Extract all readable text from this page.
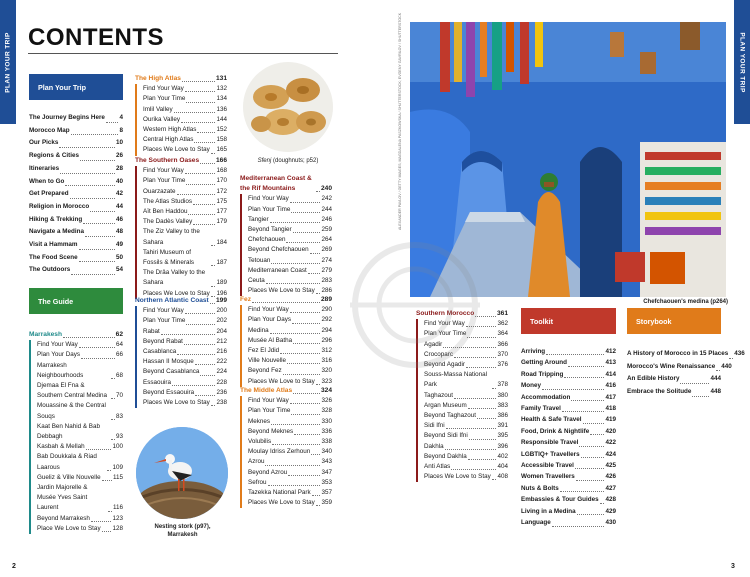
PLAN YOUR TRIP	PLAN YOUR TRIP
CONTENTS
Plan Your Trip
The Journey Begins Here 4
Morocco Map	8
Our Picks	10
Regions & Cities	26
Itineraries	28
When to Go	40
Get Prepared	42
Religion in Morocco	44
Hiking & Trekking	46
Navigate a Medina	48
Visit a Hammam	49
The Food Scene	50
The Outdoors	54
The Guide
Marrakesh	62
Find Your Way	64
Plan Your Days	66
Marrakesh Neighbourhoods	68
Djemaa El Fna & Southern Central Medina	70
Mouassine & the Central Souqs	83
Kaat Ben Nahid & Bab Debbagh	93
Kasbah & Mellah	100
Bab Doukkala & Riad Laarous	109
Gueliz & Ville Nouvelle 115
Jardin Majorelle & Musée Yves Saint Laurent	116
Beyond Marrakesh	123
Place We Love to Stay 128
The High Atlas	131
Find Your Way	132
Plan Your Time	134
Imlil Valley	136
Ourika Valley	144
Western High Atlas	152
Central High Atlas	158
Places We Love to Stay 165
The Southern Oases	166
Find Your Way	168
Plan Your Time	170
Ouarzazate	172
The Atlas Studios	175
Aït Ben Haddou	177
The Dadès Valley	179
The Ziz Valley to the Sahara	184
Tahiri Museum of Fossils & Minerals	187
The Drâa Valley to the Sahara	189
Places We Love to Stay 196
Northern Atlantic Coast 199
Find Your Way	200
Plan Your Time	202
Rabat	204
Beyond Rabat	212
Casablanca	216
Hassan II Mosque	222
Beyond Casablanca	224
Essaouira	228
Beyond Essaouira	236
Places We Love to Stay 238
Mediterranean Coast & the Rif Mountains	240
Find Your Way	242
Plan Your Time	244
Tangier	246
Beyond Tangier	259
Chefchaouen	264
Beyond Chefchaouen 269
Tetouan	274
Mediterranean Coast 279
Ceuta	283
Places We Love to Stay 286
Fez	289
Find Your Way	290
Plan Your Days	292
Medina	294
Musée Al Batha	296
Fez El Jdid	312
Ville Nouvelle	316
Beyond Fez	320
Places We Love to Stay 323
The Middle Atlas	324
Find Your Way	326
Plan Your Time	328
Meknes	330
Beyond Meknes	336
Volubilis	338
Moulay Idriss Zerhoun 340
Azrou	343
Beyond Azrou	347
Sefrou	353
Tazekka National Park 357
Places We Love to Stay 359
Southern Morocco	361
Find Your Way	362
Plan Your Time	364
Agadir	366
Crocoparc	370
Beyond Agadir	376
Souss-Massa National Park	378
Taghazout	380
Argan Museum	383
Beyond Taghazout	386
Sidi Ifni	391
Beyond Sidi Ifni	395
Dakhla	396
Beyond Dakhla	402
Anti Atlas	404
Places We Love to Stay 408
Toolkit
Arriving	412
Getting Around	413
Road Tripping	414
Money	416
Accommodation	417
Family Travel	418
Health & Safe Travel	419
Food, Drink & Nightlife	420
Responsible Travel	422
LGBTIQ+ Travellers	424
Accessible Travel	425
Women Travellers	426
Nuts & Bolts	427
Embassies & Tour Guides 428
Living in a Medina	429
Language	430
Storybook
A History of Morocco in 15 Places 436
Morocco's Wine Renaissance 440
An Edible History	444
Embrace the Solitude	448
Sfenj (doughnuts; p52)
Nesting stork (p97),
Marrakesh
ALEXANDER PAVLOV / GETTY IMAGES; MAGDALENA PASZKOWSKA / SHUTTERSTOCK; EVGENY GAVRILOV / SHUTTERSTOCK
Chefchaouen's medina (p264)
2	3
